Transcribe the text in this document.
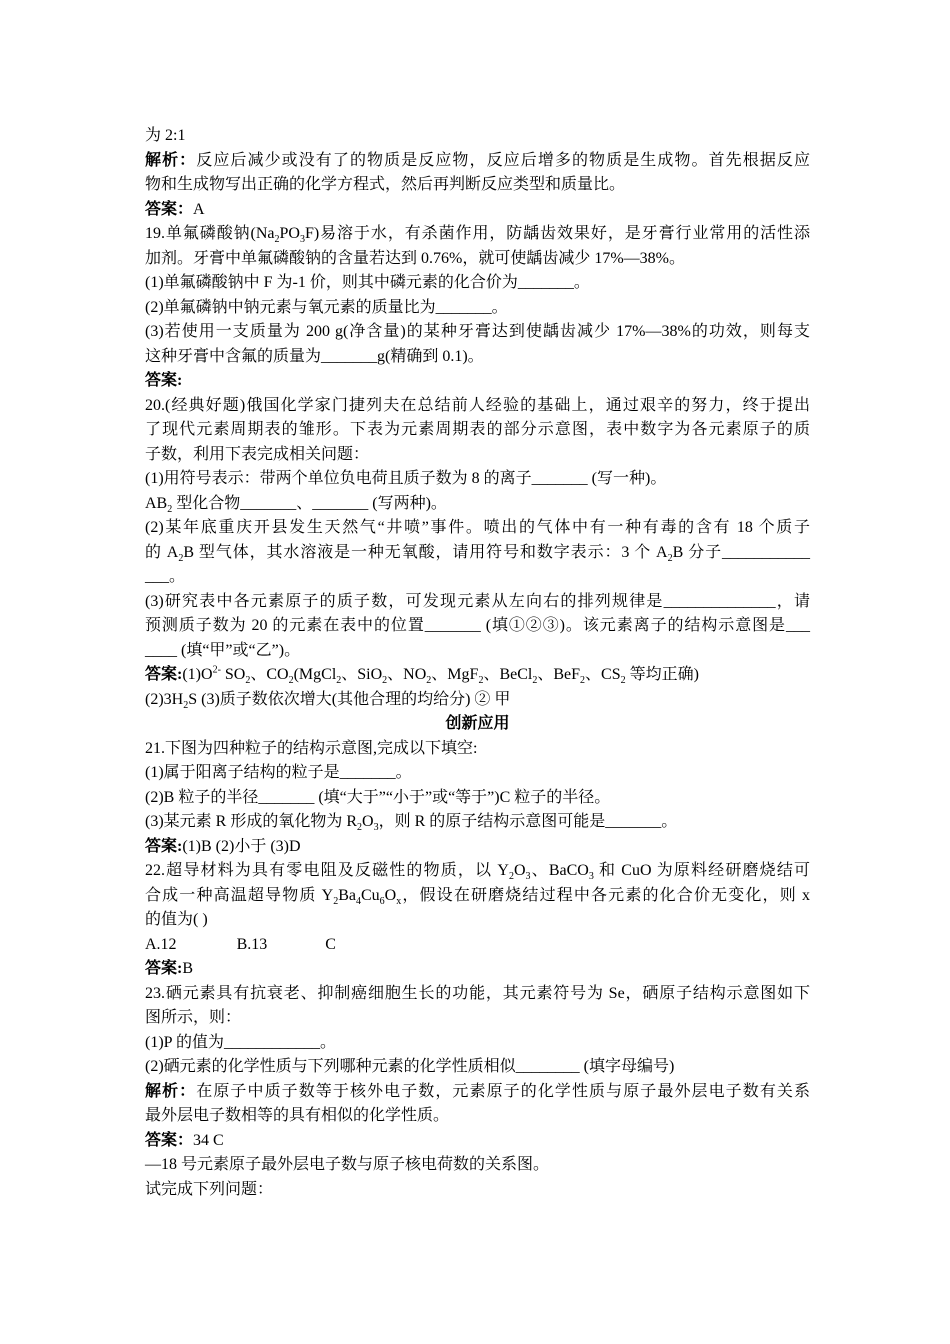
为 2:1
解析：反应后减少或没有了的物质是反应物，反应后增多的物质是生成物。首先根据反应
物和生成物写出正确的化学方程式，然后再判断反应类型和质量比。
答案：A
19.单氟磷酸钠$(Na_2PO_3F)$易溶于水，有杀菌作用，防龋齿效果好，是牙膏行业常用的活性添
加剂。牙膏中单氟磷酸钠的含量若达到 0.76%，就可使龋齿减少 17%—38%。
(1)单氟磷酸钠中 F 为-1 价，则其中磷元素的化合价为_______。
(2)单氟磷钠中钠元素与氧元素的质量比为_______。
(3)若使用一支质量为 200 g(净含量)的某种牙膏达到使龋齿减少 17%—38%的功效，则每支
这种牙膏中含氟的质量为_______g(精确到 0.1)。
答案:
20.(经典好题)俄国化学家门捷列夫在总结前人经验的基础上，通过艰辛的努力，终于提出
了现代元素周期表的雏形。下表为元素周期表的部分示意图，表中数字为各元素原子的质
子数，利用下表完成相关问题：
(1)用符号表示：带两个单位负电荷且质子数为 8 的离子_______ (写一种)。
$AB_2$ 型化合物_______、_______ (写两种)。
(2)某年底重庆开县发生天然气“井喷”事件。喷出的气体中有一种有毒的含有 18 个质子
的 $A_2B$ 型气体，其水溶液是一种无氧酸，请用符号和数字表示：3 个 $A_2B$ 分子___________
___。
(3)研究表中各元素原子的质子数，可发现元素从左向右的排列规律是______________，请
预测质子数为 20 的元素在表中的位置_______ (填①②③)。该元素离子的结构示意图是___
____ (填“甲”或“乙”)。
答案$:(1)O^{2-}$ $SO_2$、$CO_2(MgCl_2$、SiO$_2$、$NO_2$、MgF$_2$、BeCl$_2$、BeF$_2$、$CS_2$ 等均正确)
$(2)3H_2S$ (3)质子数依次增大(其他合理的均给分) ② 甲
创新应用
21.下图为四种粒子的结构示意图,完成以下填空:
(1)属于阳离子结构的粒子是_______。
(2)B 粒子的半径_______ (填“大于”“小于”或“等于”)C 粒子的半径。
(3)某元素 R 形成的氧化物为 $R_2O_3$，则 R 的原子结构示意图可能是_______。
答案:(1)B (2)小于 (3)D
22.超导材料为具有零电阻及反磁性的物质，以 $Y_2O_3$、BaCO$_3$ 和 CuO 为原料经研磨烧结可
合成一种高温超导物质 $Y_2Ba_4Cu_6O_x$，假设在研磨烧结过程中各元素的化合价无变化，则 x
的值为( )
A.12	B.13	C
答案:B
23.硒元素具有抗衰老、抑制癌细胞生长的功能，其元素符号为 Se，硒原子结构示意图如下
图所示，则：
(1)P 的值为____________。
(2)硒元素的化学性质与下列哪种元素的化学性质相似________ (填字母编号)
解析：在原子中质子数等于核外电子数，元素原子的化学性质与原子最外层电子数有关系
最外层电子数相等的具有相似的化学性质。
答案：34 C
—18 号元素原子最外层电子数与原子核电荷数的关系图。
试完成下列问题：
